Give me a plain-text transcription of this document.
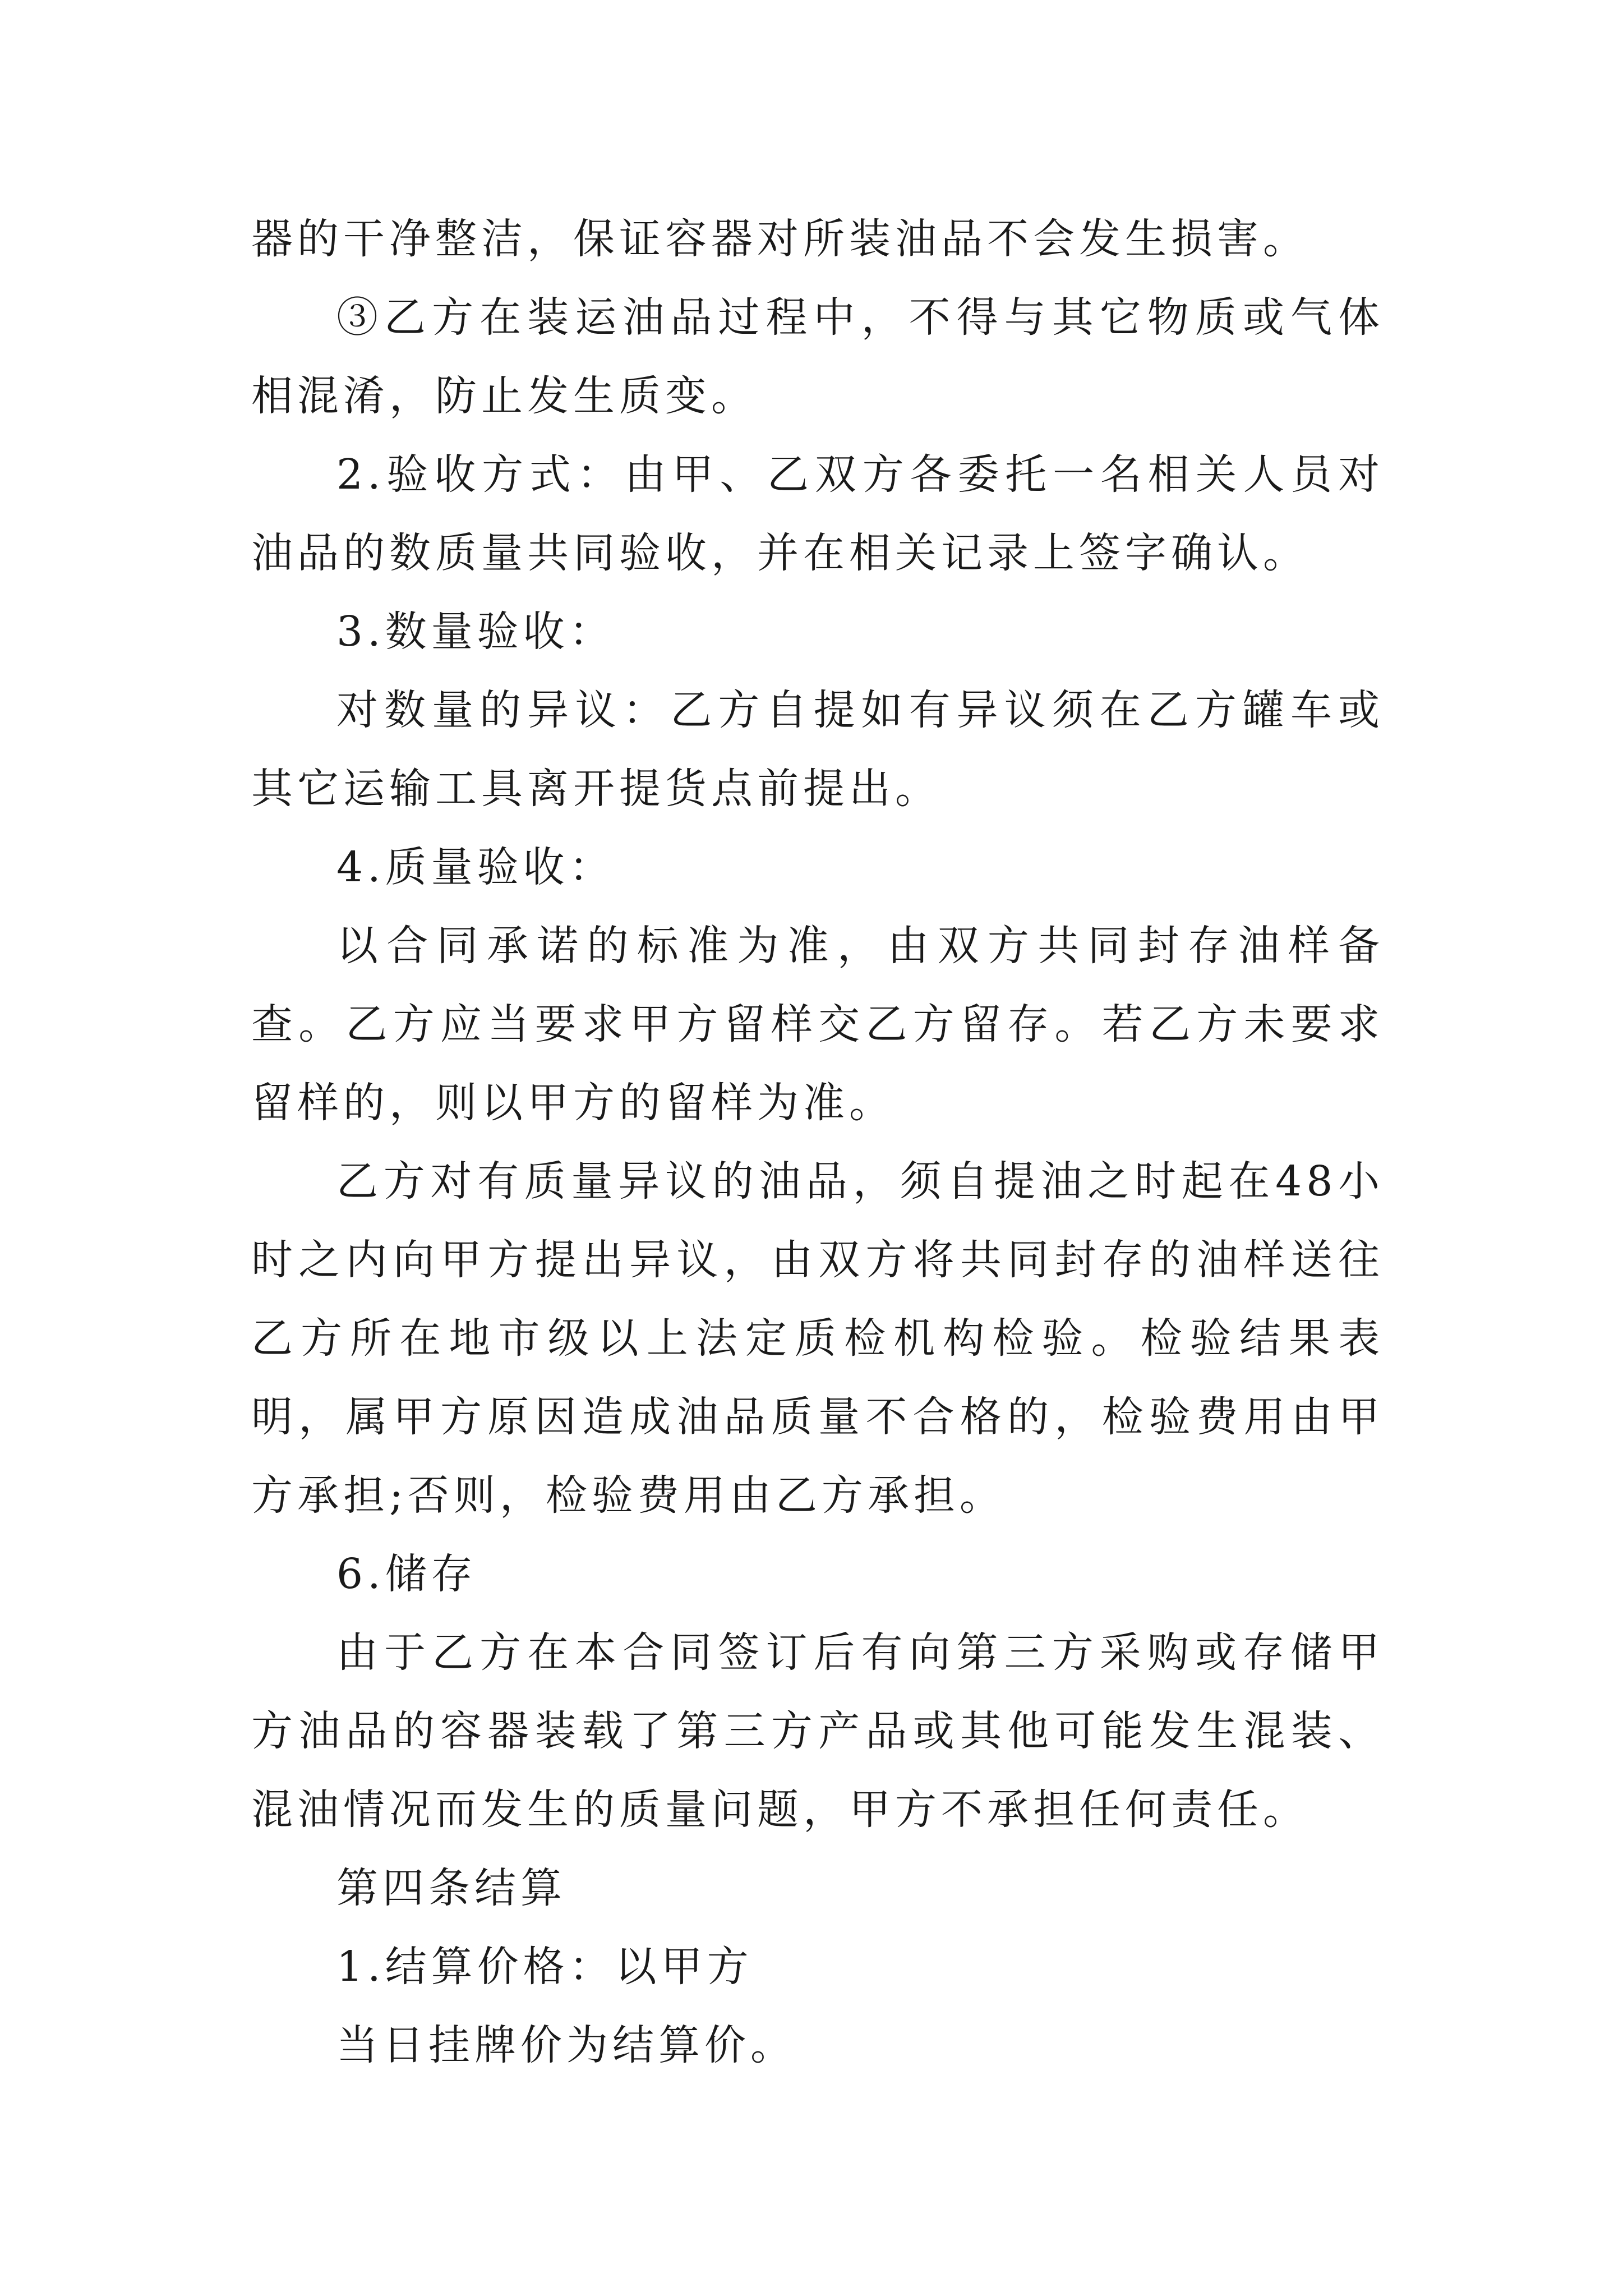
器的干净整洁，保证容器对所装油品不会发生损害。

③乙方在装运油品过程中，不得与其它物质或气体相混淆，防止发生质变。

2.验收方式：由甲、乙双方各委托一名相关人员对油品的数质量共同验收，并在相关记录上签字确认。

3.数量验收：

对数量的异议：乙方自提如有异议须在乙方罐车或其它运输工具离开提货点前提出。

4.质量验收：

以合同承诺的标准为准，由双方共同封存油样备查。乙方应当要求甲方留样交乙方留存。若乙方未要求留样的，则以甲方的留样为准。

乙方对有质量异议的油品，须自提油之时起在48小时之内向甲方提出异议，由双方将共同封存的油样送往乙方所在地市级以上法定质检机构检验。检验结果表明，属甲方原因造成油品质量不合格的，检验费用由甲方承担;否则，检验费用由乙方承担。

6.储存

由于乙方在本合同签订后有向第三方采购或存储甲方油品的容器装载了第三方产品或其他可能发生混装、混油情况而发生的质量问题，甲方不承担任何责任。

第四条结算

1.结算价格：以甲方

当日挂牌价为结算价。
